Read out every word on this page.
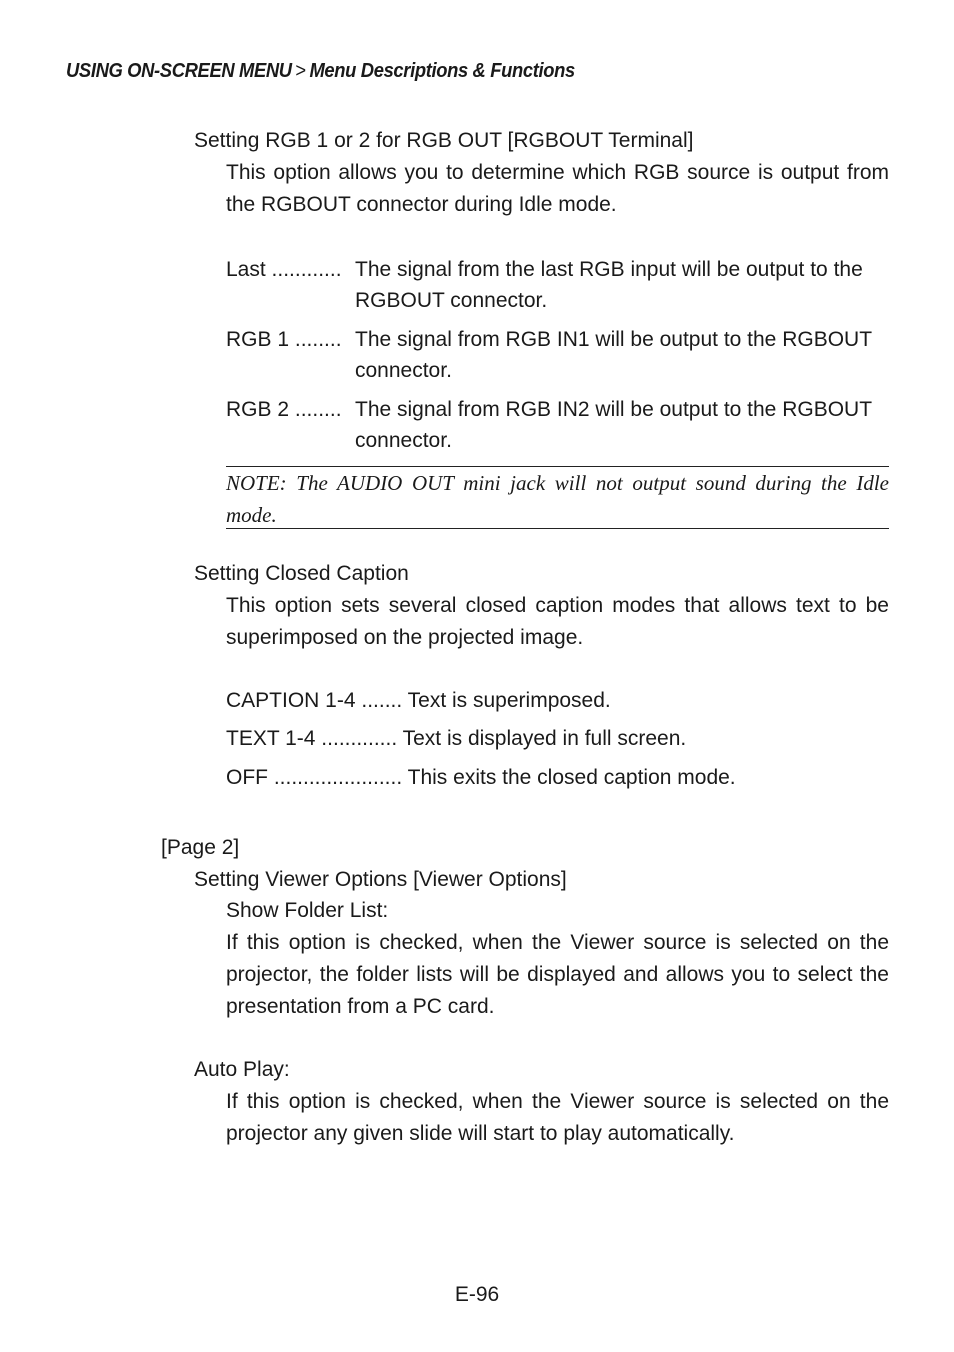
USING ON-SCREEN MENU > Menu Descriptions & Functions
Setting RGB 1 or 2 for RGB OUT [RGBOUT Terminal]
This option allows you to determine which RGB source is output from the RGBOUT connector during Idle mode.
Last ............ The signal from the last RGB input will be output to the RGBOUT connector.
RGB 1 ........ The signal from RGB IN1 will be output to the RGBOUT connector.
RGB 2 ........ The signal from RGB IN2 will be output to the RGBOUT connector.
NOTE: The AUDIO OUT mini jack will not output sound during the Idle mode.
Setting Closed Caption
This option sets several closed caption modes that allows text to be superimposed on the projected image.
CAPTION 1-4 ....... Text is superimposed.
TEXT 1-4 ............. Text is displayed in full screen.
OFF ...................... This exits the closed caption mode.
[Page 2]
Setting Viewer Options [Viewer Options]
Show Folder List:
If this option is checked, when the Viewer source is selected on the projector, the folder lists will be displayed and allows you to select the presentation from a PC card.
Auto Play:
If this option is checked, when the Viewer source is selected on the projector any given slide will start to play automatically.
E-96
